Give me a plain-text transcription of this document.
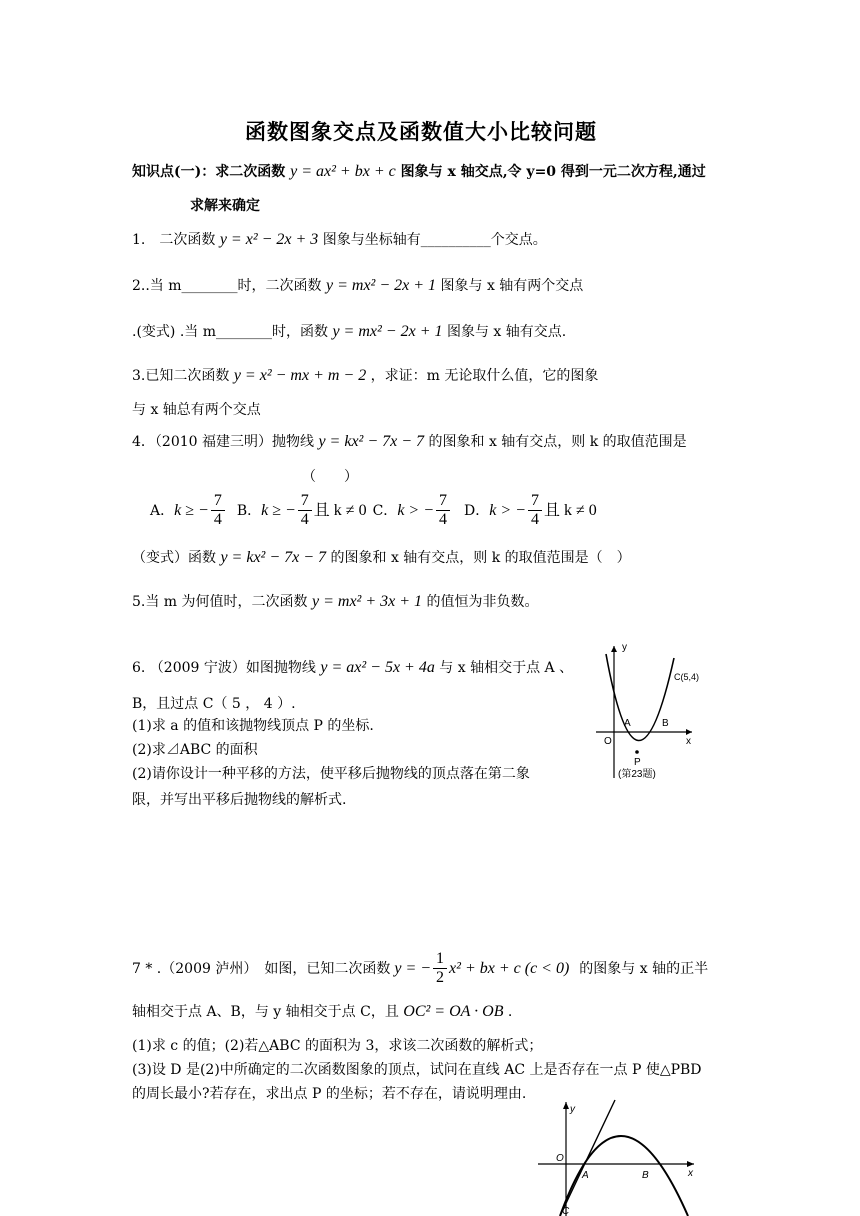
函数图象交点及函数值大小比较问题
知识点(一)：求二次函数 y = ax² + bx + c 图象与 x 轴交点,令 y=0 得到一元二次方程,通过
求解来确定
1.　二次函数 y = x² − 2x + 3 图象与坐标轴有__________个交点。
2..当 m________时，二次函数 y = mx² − 2x + 1 图象与 x 轴有两个交点
.(变式) .当 m________时，函数 y = mx² − 2x + 1 图象与 x 轴有交点.
3.已知二次函数 y = x² − mx + m − 2 ，求证：m 无论取什么值，它的图象
与 x 轴总有两个交点
4．（2010 福建三明）抛物线 y = kx² − 7x − 7 的图象和 x 轴有交点，则 k 的取值范围是
（　　）
A． k ≥ − $\frac{7}{4}$ B． k ≥ − $\frac{7}{4}$ 且 k ≠ 0 C． k > − $\frac{7}{4}$ D． k > − $\frac{7}{4}$ 且 k ≠ 0
（变式）函数 y = kx² − 7x − 7 的图象和 x 轴有交点，则 k 的取值范围是（　）
5.当 m 为何值时，二次函数 y = mx² + 3x + 1 的值恒为非负数。
6. （2009 宁波）如图抛物线 y = ax² − 5x + 4a 与 x 轴相交于点 A 、
B，且过点 C（ 5 ， 4 ）.
(1)求 a 的值和该抛物线顶点 P 的坐标.
(2)求⊿ABC 的面积
(2)请你设计一种平移的方法，使平移后抛物线的顶点落在第二象
限，并写出平移后抛物线的解析式.
y
x
O
A	B
C(5,4)
P
(第23题)
7 * .（2009 泸州）　如图，已知二次函数 y = − $\frac{1}{2} x^2$ + bx + c (c < 0) 的图象与 x 轴的正半
轴相交于点 A、B，与 y 轴相交于点 C，且 OC² = OA · OB .
(1)求 c 的值；(2)若△ABC 的面积为 3，求该二次函数的解析式；
(3)设 D 是(2)中所确定的二次函数图象的顶点，试问在直线 AC 上是否存在一点 P 使△PBD
的周长最小?若存在，求出点 P 的坐标；若不存在，请说明理由.
y
x
O
A	B
C
